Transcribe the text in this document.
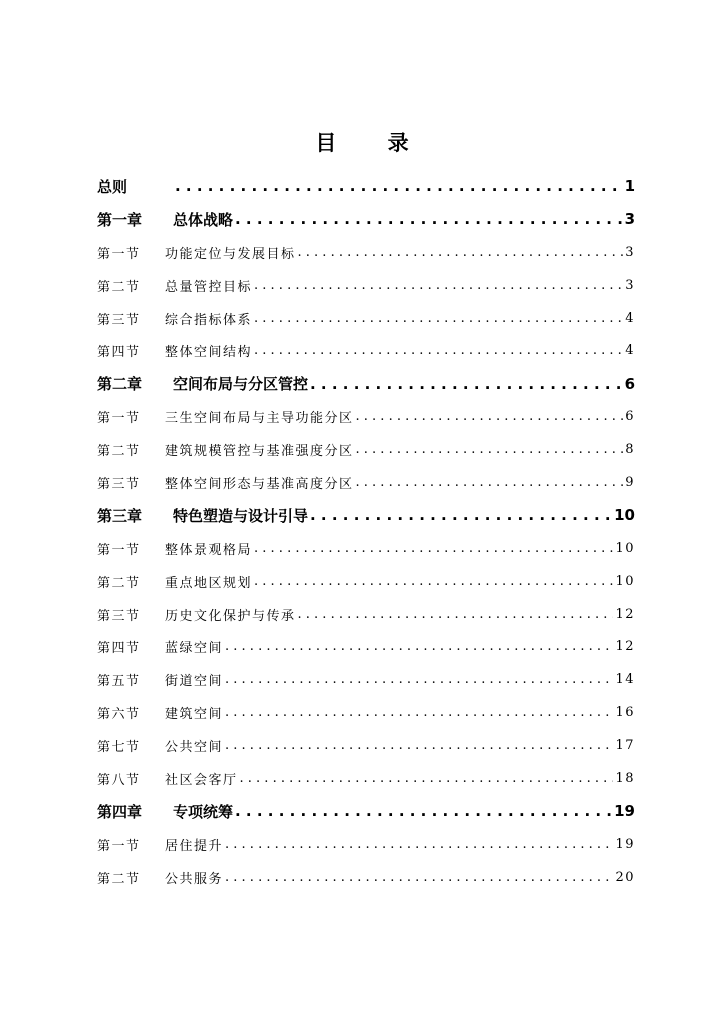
目 录
总则 . . .	1
第一章	总体战略 . . .	3
第一节	功能定位与发展目标 . . .	3
第二节	总量管控目标 . . .	3
第三节	综合指标体系 . . .	4
第四节	整体空间结构 . . .	4
第二章	空间布局与分区管控 . . .	6
第一节	三生空间布局与主导功能分区 . . .	6
第二节	建筑规模管控与基准强度分区 . . .	8
第三节	整体空间形态与基准高度分区 . . .	9
第三章	特色塑造与设计引导 . . .	10
第一节	整体景观格局 . . .	10
第二节	重点地区规划 . . .	10
第三节	历史文化保护与传承 . . .	12
第四节	蓝绿空间 . . .	12
第五节	街道空间 . . .	14
第六节	建筑空间 . . .	16
第七节	公共空间 . . .	17
第八节	社区会客厅 . . .	18
第四章	专项统筹 . . .	19
第一节	居住提升 . . .	19
第二节	公共服务 . . .	20
